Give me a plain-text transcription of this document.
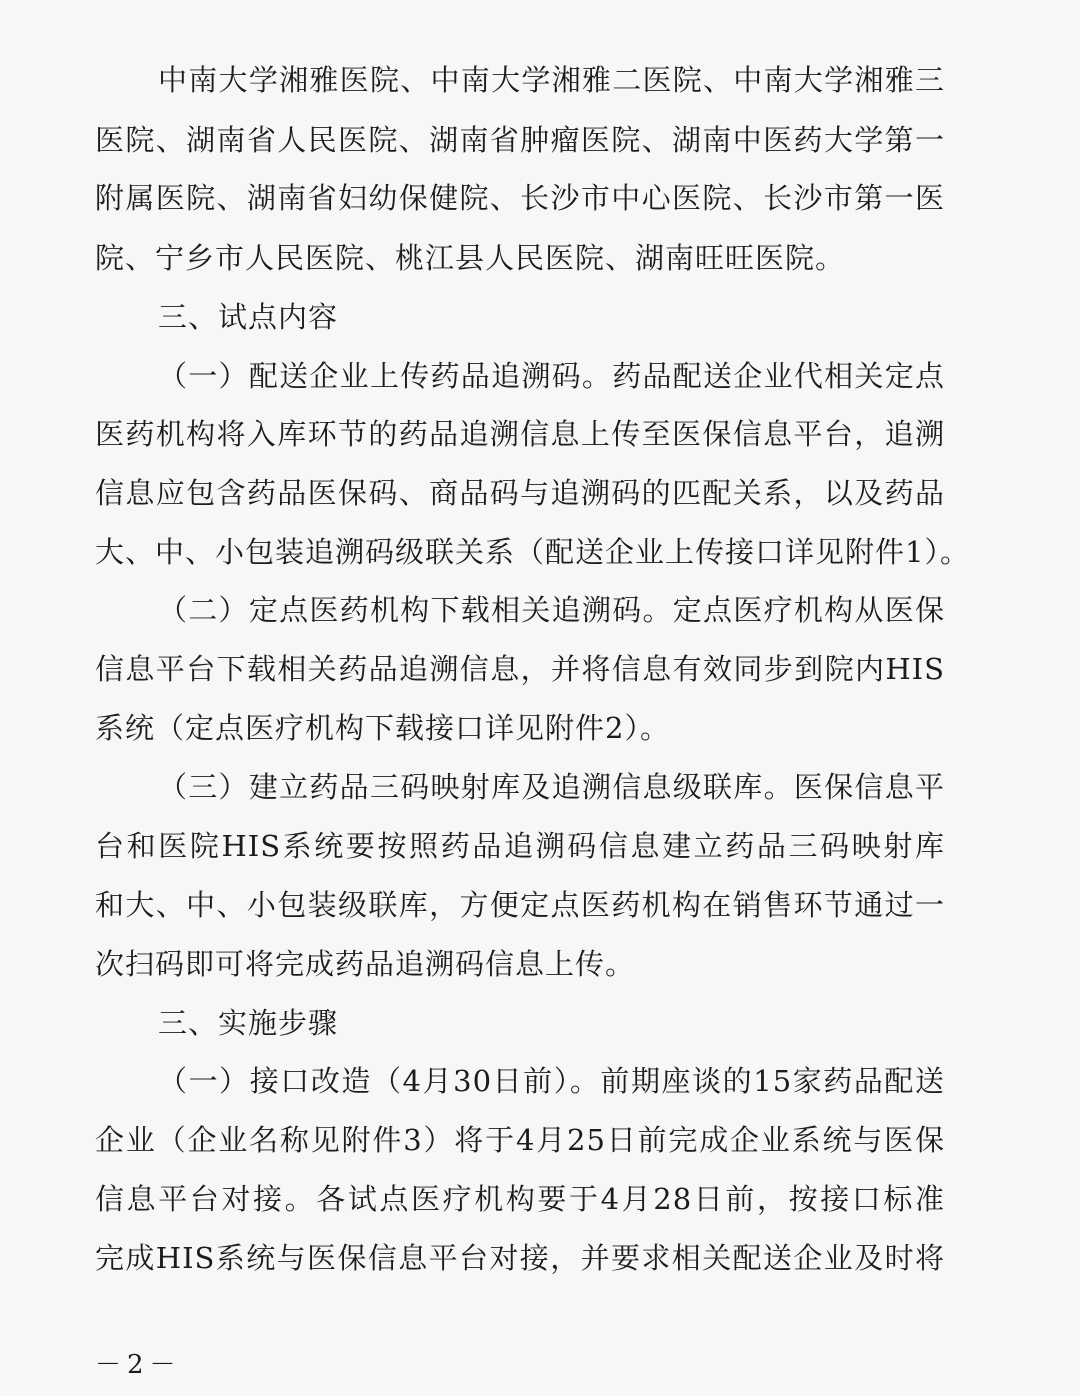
中南大学湘雅医院、中南大学湘雅二医院、中南大学湘雅三
医院、湖南省人民医院、湖南省肿瘤医院、湖南中医药大学第一
附属医院、湖南省妇幼保健院、长沙市中心医院、长沙市第一医
院、宁乡市人民医院、桃江县人民医院、湖南旺旺医院。
三、试点内容
（一）配送企业上传药品追溯码。药品配送企业代相关定点
医药机构将入库环节的药品追溯信息上传至医保信息平台，追溯
信息应包含药品医保码、商品码与追溯码的匹配关系，以及药品
大、中、小包装追溯码级联关系（配送企业上传接口详见附件1）。
（二）定点医药机构下载相关追溯码。定点医疗机构从医保
信息平台下载相关药品追溯信息，并将信息有效同步到院内HIS
系统（定点医疗机构下载接口详见附件2）。
（三）建立药品三码映射库及追溯信息级联库。医保信息平
台和医院HIS系统要按照药品追溯码信息建立药品三码映射库
和大、中、小包装级联库，方便定点医药机构在销售环节通过一
次扫码即可将完成药品追溯码信息上传。
三、实施步骤
（一）接口改造（4月30日前）。前期座谈的15家药品配送
企业（企业名称见附件3）将于4月25日前完成企业系统与医保
信息平台对接。各试点医疗机构要于4月28日前，按接口标准
完成HIS系统与医保信息平台对接，并要求相关配送企业及时将
－2－
